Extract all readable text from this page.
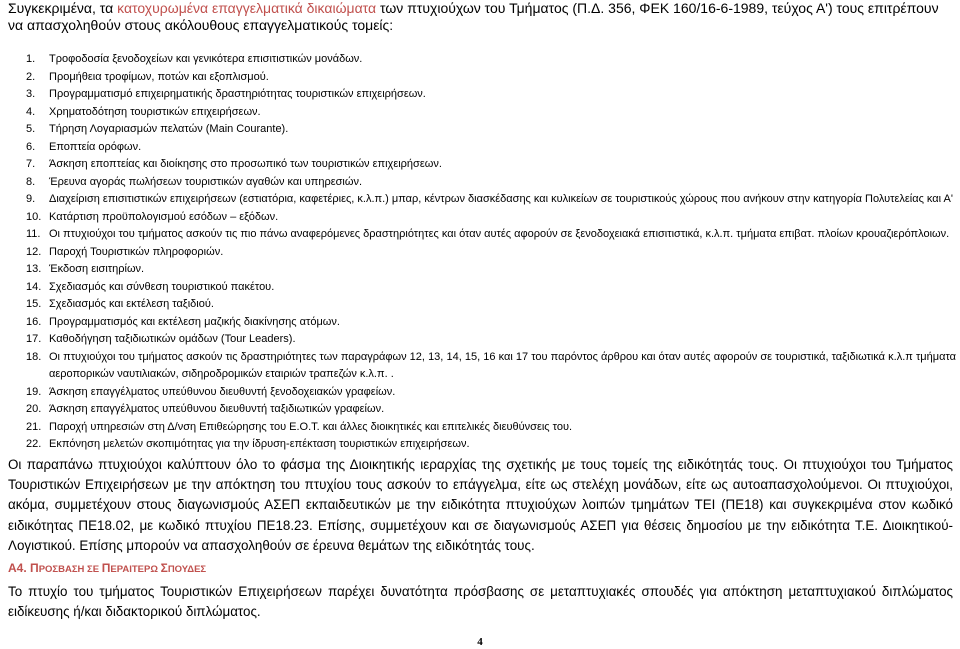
Συγκεκριμένα, τα κατοχυρωμένα επαγγελματικά δικαιώματα των πτυχιούχων του Τμήματος (Π.Δ. 356, ΦΕΚ 160/16-6-1989, τεύχος Α') τους επιτρέπουν να απασχοληθούν στους ακόλουθους επαγγελματικούς τομείς:

1. Τροφοδοσία ξενοδοχείων και γενικότερα επισιτιστικών μονάδων.
2. Προμήθεια τροφίμων, ποτών και εξοπλισμού.
3. Προγραμματισμό επιχειρηματικής δραστηριότητας τουριστικών επιχειρήσεων.
4. Χρηματοδότηση τουριστικών επιχειρήσεων.
5. Τήρηση Λογαριασμών πελατών (Main Courante).
6. Εποπτεία ορόφων.
7. Άσκηση εποπτείας και διοίκησης στο προσωπικό των τουριστικών επιχειρήσεων.
8. Έρευνα αγοράς πωλήσεων τουριστικών αγαθών και υπηρεσιών.
9. Διαχείριση επισιτιστικών επιχειρήσεων (εστιατόρια, καφετέριες, κ.λ.π.) μπαρ, κέντρων διασκέδασης και κυλικείων σε τουριστικούς χώρους που ανήκουν στην κατηγορία Πολυτελείας και Α'
10. Κατάρτιση προϋπολογισμού εσόδων – εξόδων.
11. Οι πτυχιούχοι του τμήματος ασκούν τις πιο πάνω αναφερόμενες δραστηριότητες και όταν αυτές αφορούν σε ξενοδοχειακά επισιτιστικά, κ.λ.π. τμήματα επιβατ. πλοίων κρουαζιερόπλοιων.
12. Παροχή Τουριστικών πληροφοριών.
13. Έκδοση εισιτηρίων.
14. Σχεδιασμός και σύνθεση τουριστικού πακέτου.
15. Σχεδιασμός και εκτέλεση ταξιδιού.
16. Προγραμματισμός και εκτέλεση μαζικής διακίνησης ατόμων.
17. Καθοδήγηση ταξιδιωτικών ομάδων (Tour Leaders).
18. Οι πτυχιούχοι του τμήματος ασκούν τις δραστηριότητες των παραγράφων 12, 13, 14, 15, 16 και 17 του παρόντος άρθρου και όταν αυτές αφορούν σε τουριστικά, ταξιδιωτικά κ.λ.π τμήματα αεροπορικών ναυτιλιακών, σιδηροδρομικών εταιριών τραπεζών κ.λ.π. .
19. Άσκηση επαγγέλματος υπεύθυνου διευθυντή ξενοδοχειακών γραφείων.
20. Άσκηση επαγγέλματος υπεύθυνου διευθυντή ταξιδιωτικών γραφείων.
21. Παροχή υπηρεσιών στη Δ/νση Επιθεώρησης του Ε.Ο.Τ. και άλλες διοικητικές και επιτελικές διευθύνσεις του.
22. Εκπόνηση μελετών σκοπιμότητας για την ίδρυση-επέκταση τουριστικών επιχειρήσεων.

Οι παραπάνω πτυχιούχοι καλύπτουν όλο το φάσμα της Διοικητικής ιεραρχίας της σχετικής με τους τομείς της ειδικότητάς τους. Οι πτυχιούχοι του Τμήματος Τουριστικών Επιχειρήσεων με την απόκτηση του πτυχίου τους ασκούν το επάγγελμα, είτε ως στελέχη μονάδων, είτε ως αυτοαπασχολούμενοι. Οι πτυχιούχοι, ακόμα, συμμετέχουν στους διαγωνισμούς ΑΣΕΠ εκπαιδευτικών με την ειδικότητα πτυχιούχων λοιπών τμημάτων ΤΕΙ (ΠΕ18) και συγκεκριμένα στον κωδικό ειδικότητας ΠΕ18.02, με κωδικό πτυχίου ΠΕ18.23. Επίσης, συμμετέχουν και σε διαγωνισμούς ΑΣΕΠ για θέσεις δημοσίου με την ειδικότητα Τ.Ε. Διοικητικού-Λογιστικού. Επίσης μπορούν να απασχοληθούν σε έρευνα θεμάτων της ειδικότητάς τους.

Α4. ΠΡΟΣΒΑΣΗ ΣΕ ΠΕΡΑΙΤΕΡΩ ΣΠΟΥΔΕΣ

Το πτυχίο του τμήματος Τουριστικών Επιχειρήσεων παρέχει δυνατότητα πρόσβασης σε μεταπτυχιακές σπουδές για απόκτηση μεταπτυχιακού διπλώματος ειδίκευσης ή/και διδακτορικού διπλώματος.

4
